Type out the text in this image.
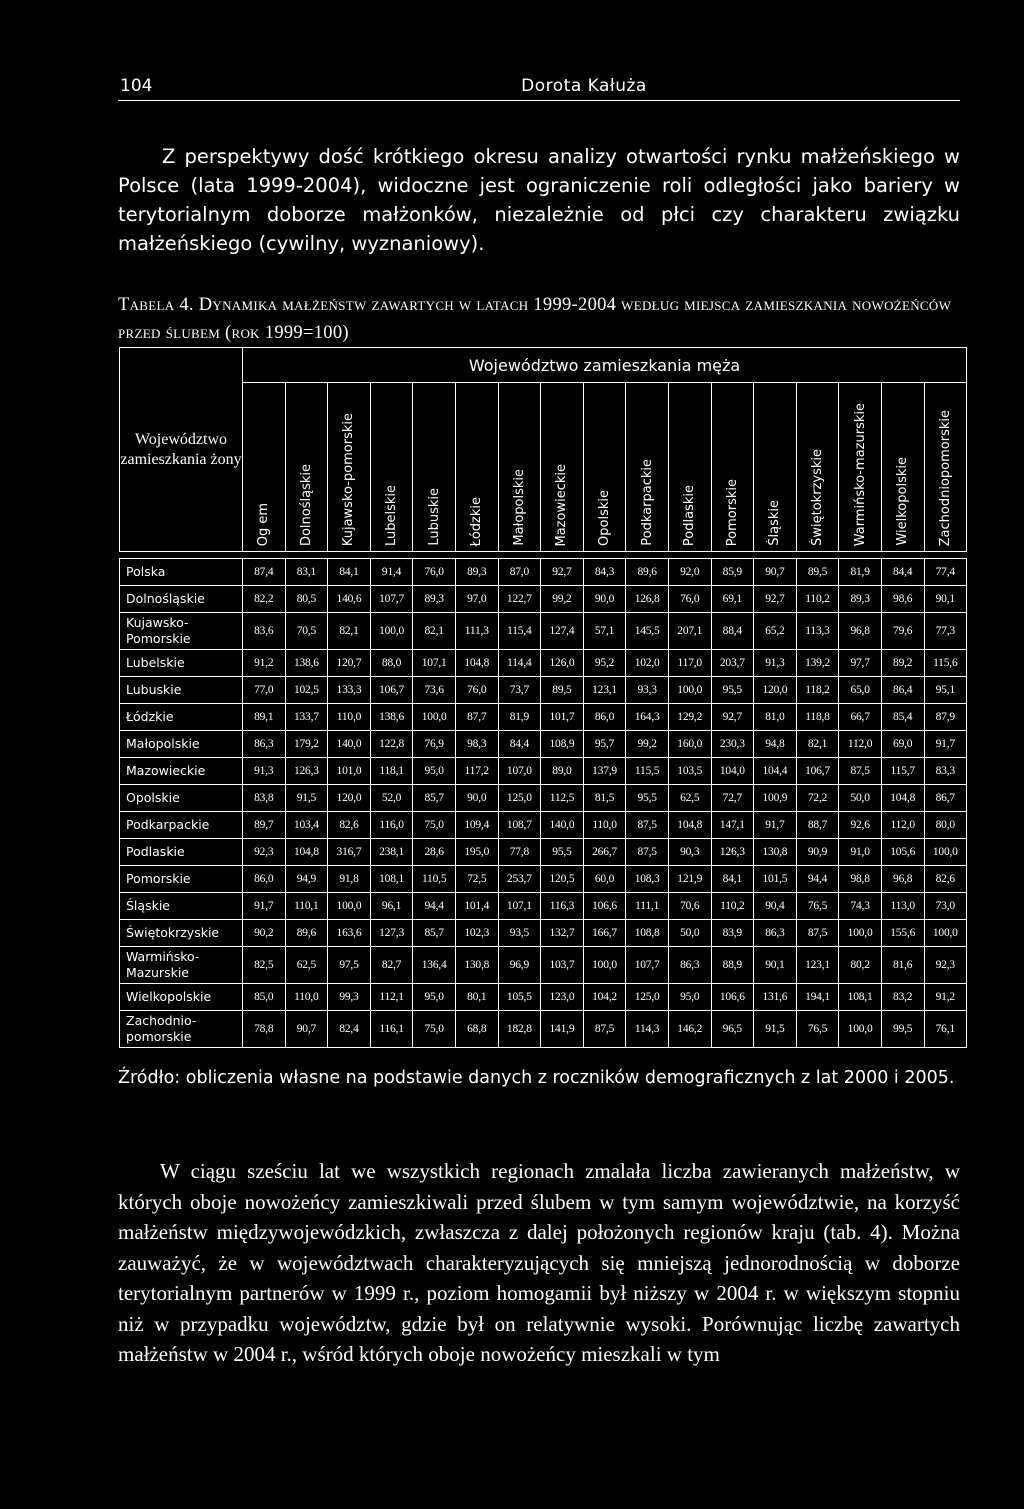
104	Dorota Kałuża
Z perspektywy dość krótkiego okresu analizy otwartości rynku małżeńskiego w Polsce (lata 1999-2004), widoczne jest ograniczenie roli odległości jako bariery w terytorialnym doborze małżonków, niezależnie od płci czy charakteru związku małżeńskiego (cywilny, wyznaniowy).
Tabela 4. Dynamika małżeństw zawartych w latach 1999-2004 według miejsca zamieszkania nowożeńców przed ślubem (rok 1999=100)
Województwo zamieszkania żony	Województwo zamieszkania męża																
	Og em	Dolnośląskie	Kujawsko-pomorskie	Lubelskie	Lubuskie	Łódzkie	Małopolskie	Mazowieckie	Opolskie	Podkarpackie	Podlaskie	Pomorskie	Śląskie	Świętokrzyskie	Warmińsko-mazurskie	Wielkopolskie	Zachodniopomorskie

Polska	87,4	83,1	84,1	91,4	76,0	89,3	87,0	92,7	84,3	89,6	92,0	85,9	90,7	89,5	81,9	84,4	77,4
Dolnośląskie	82,2	80,5	140,6	107,7	89,3	97,0	122,7	99,2	90,0	126,8	76,0	69,1	92,7	110,2	89,3	98,6	90,1
Kujawsko-Pomorskie	83,6	70,5	82,1	100,0	82,1	111,3	115,4	127,4	57,1	145,5	207,1	88,4	65,2	113,3	96,8	79,6	77,3
Lubelskie	91,2	138,6	120,7	88,0	107,1	104,8	114,4	126,0	95,2	102,0	117,0	203,7	91,3	139,2	97,7	89,2	115,6
Lubuskie	77,0	102,5	133,3	106,7	73,6	76,0	73,7	89,5	123,1	93,3	100,0	95,5	120,0	118,2	65,0	86,4	95,1
Łódzkie	89,1	133,7	110,0	138,6	100,0	87,7	81,9	101,7	86,0	164,3	129,2	92,7	81,0	118,8	66,7	85,4	87,9
Małopolskie	86,3	179,2	140,0	122,8	76,9	98,3	84,4	108,9	95,7	99,2	160,0	230,3	94,8	82,1	112,0	69,0	91,7
Mazowieckie	91,3	126,3	101,0	118,1	95,0	117,2	107,0	89,0	137,9	115,5	103,5	104,0	104,4	106,7	87,5	115,7	83,3
Opolskie	83,8	91,5	120,0	52,0	85,7	90,0	125,0	112,5	81,5	95,5	62,5	72,7	100,9	72,2	50,0	104,8	86,7
Podkarpackie	89,7	103,4	82,6	116,0	75,0	109,4	108,7	140,0	110,0	87,5	104,8	147,1	91,7	88,7	92,6	112,0	80,0
Podlaskie	92,3	104,8	316,7	238,1	28,6	195,0	77,8	95,5	266,7	87,5	90,3	126,3	130,8	90,9	91,0	105,6	100,0
Pomorskie	86,0	94,9	91,8	108,1	110,5	72,5	253,7	120,5	60,0	108,3	121,9	84,1	101,5	94,4	98,8	96,8	82,6
Śląskie	91,7	110,1	100,0	96,1	94,4	101,4	107,1	116,3	106,6	111,1	70,6	110,2	90,4	76,5	74,3	113,0	73,0
Świętokrzyskie	90,2	89,6	163,6	127,3	85,7	102,3	93,5	132,7	166,7	108,8	50,0	83,9	86,3	87,5	100,0	155,6	100,0
Warmińsko-Mazurskie	82,5	62,5	97,5	82,7	136,4	130,8	96,9	103,7	100,0	107,7	86,3	88,9	90,1	123,1	80,2	81,6	92,3
Wielkopolskie	85,0	110,0	99,3	112,1	95,0	80,1	105,5	123,0	104,2	125,0	95,0	106,6	131,6	194,1	108,1	83,2	91,2
Zachodnio-pomorskie	78,8	90,7	82,4	116,1	75,0	68,8	182,8	141,9	87,5	114,3	146,2	96,5	91,5	76,5	100,0	99,5	76,1
Źródło: obliczenia własne na podstawie danych z roczników demograficznych z lat 2000 i 2005.
W ciągu sześciu lat we wszystkich regionach zmalała liczba zawieranych małżeństw, w których oboje nowożeńcy zamieszkiwali przed ślubem w tym samym województwie, na korzyść małżeństw międzywojewódzkich, zwłaszcza z dalej położonych regionów kraju (tab. 4). Można zauważyć, że w województwach charakteryzujących się mniejszą jednorodnością w doborze terytorialnym partnerów w 1999 r., poziom homogamii był niższy w 2004 r. w większym stopniu niż w przypadku województw, gdzie był on relatywnie wysoki. Porównując liczbę zawartych małżeństw w 2004 r., wśród których oboje nowożeńcy mieszkali w tym
